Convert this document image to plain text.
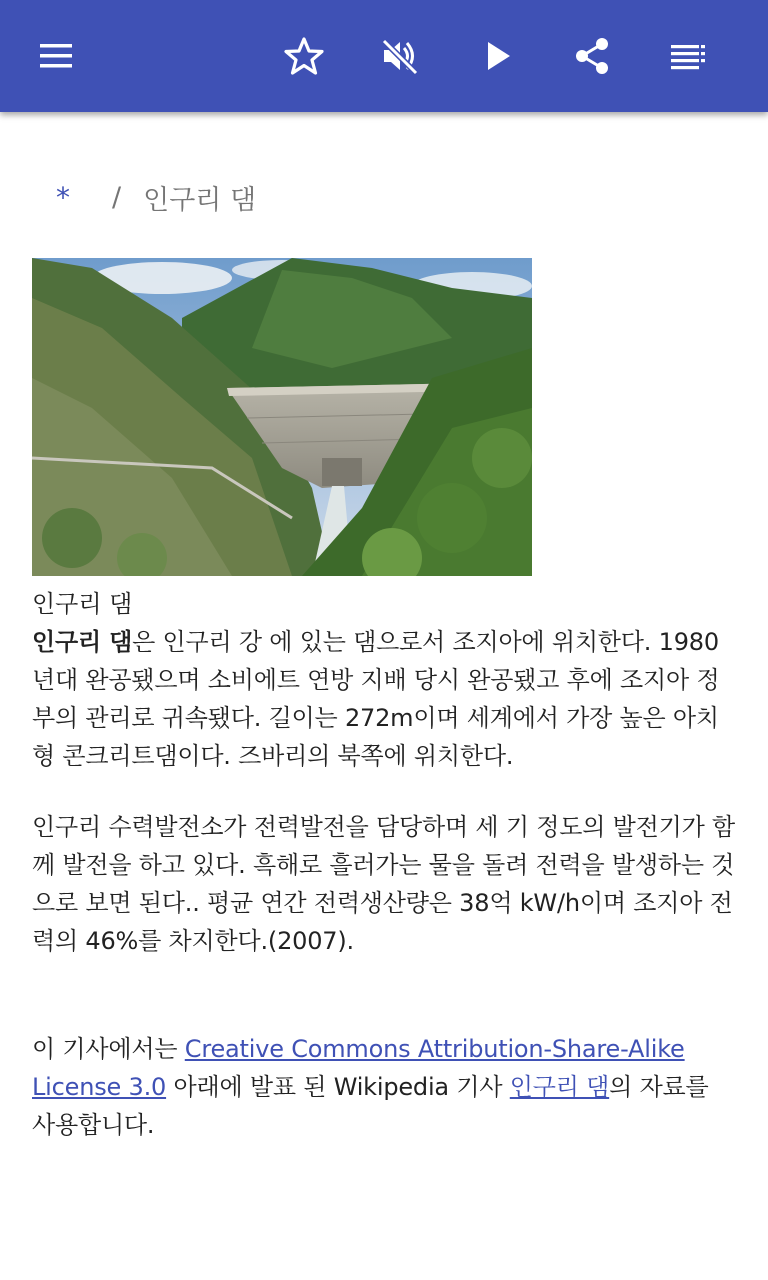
*	/ 인구리 댐
인구리 댐

인구리 댐은 인구리 강 에 있는 댐으로서 조지아에 위치한다. 1980년대 완공됐으며 소비에트 연방 지배 당시 완공됐고 후에 조지아 정부의 관리로 귀속됐다. 길이는 272m이며 세계에서 가장 높은 아치형 콘크리트댐이다. 즈바리의 북쪽에 위치한다.

인구리 수력발전소가 전력발전을 담당하며 세 기 정도의 발전기가 함께 발전을 하고 있다. 흑해로 흘러가는 물을 돌려 전력을 발생하는 것으로 보면 된다.. 평균 연간 전력생산량은 38억 kW/h이며 조지아 전력의 46%를 차지한다.(2007).

이 기사에서는 Creative Commons Attribution-Share-Alike License 3.0 아래에 발표 된 Wikipedia 기사 인구리 댐의 자료를 사용합니다.
